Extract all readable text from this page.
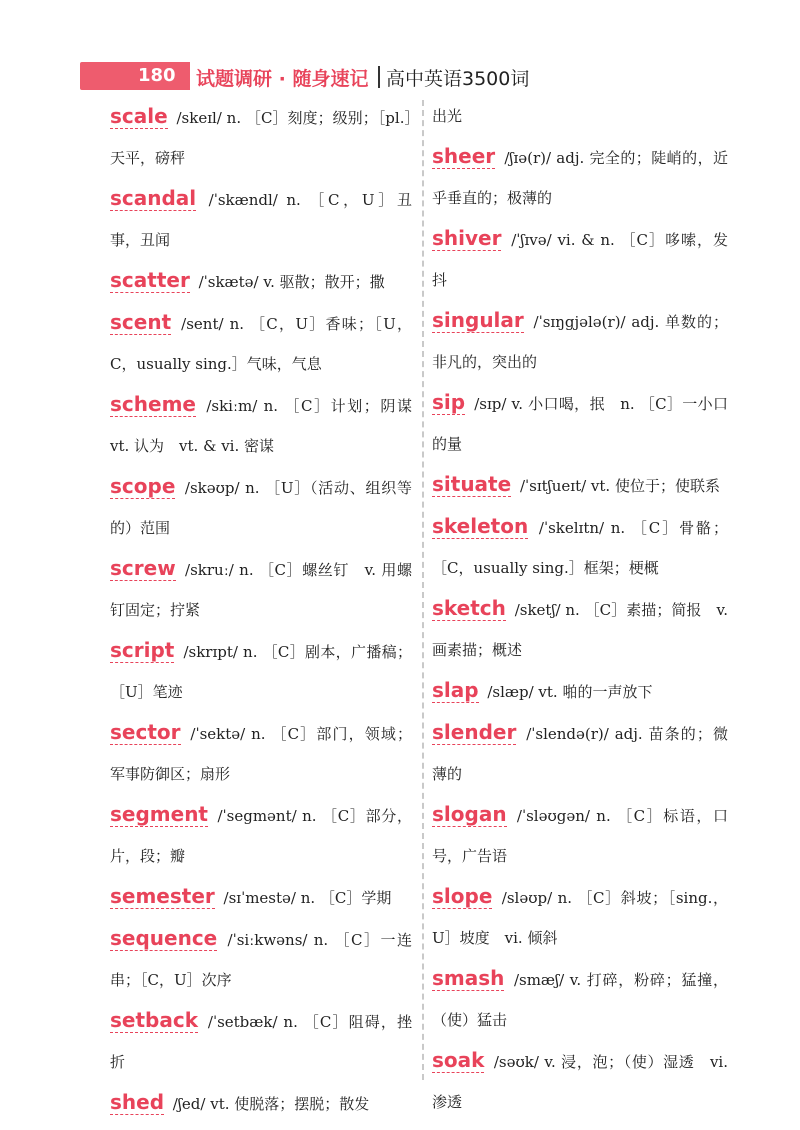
180 试题调研 · 随身速记 高中英语3500词

scale /skeɪl/ n. ［C］刻度；级别；［pl.］天平，磅秤

scandal /ˈskændl/ n. ［C，U］丑事，丑闻

scatter /ˈskætə/ v. 驱散；散开；撒

scent /sent/ n. ［C，U］香味；［U，C，usually sing.］气味，气息

scheme /skiːm/ n. ［C］计划；阴谋　vt. 认为　vt. & vi. 密谋

scope /skəʊp/ n. ［U］（活动、组织等的）范围

screw /skruː/ n. ［C］螺丝钉　v. 用螺钉固定；拧紧

script /skrɪpt/ n. ［C］剧本，广播稿；［U］笔迹

sector /ˈsektə/ n. ［C］部门，领域；军事防御区；扇形

segment /ˈsegmənt/ n. ［C］部分，片，段；瓣

semester /sɪˈmestə/ n. ［C］学期

sequence /ˈsiːkwəns/ n. ［C］一连串；［C，U］次序

setback /ˈsetbæk/ n. ［C］阻碍，挫折

shed /ʃed/ vt. 使脱落；摆脱；散发

出光

sheer /ʃɪə(r)/ adj. 完全的；陡峭的，近乎垂直的；极薄的

shiver /ˈʃɪvə/ vi. & n. ［C］哆嗦，发抖

singular /ˈsɪŋgjələ(r)/ adj. 单数的；非凡的，突出的

sip /sɪp/ v. 小口喝，抿　n. ［C］一小口的量

situate /ˈsɪtʃueɪt/ vt. 使位于；使联系

skeleton /ˈskelɪtn/ n. ［C］骨骼；［C，usually sing.］框架；梗概

sketch /sketʃ/ n. ［C］素描；简报　v. 画素描；概述

slap /slæp/ vt. 啪的一声放下

slender /ˈslendə(r)/ adj. 苗条的；微薄的

slogan /ˈsləʊgən/ n. ［C］标语，口号，广告语

slope /sləʊp/ n. ［C］斜坡；［sing.，U］坡度　vi. 倾斜

smash /smæʃ/ v. 打碎，粉碎；猛撞，（使）猛击

soak /səʊk/ v. 浸，泡；（使）湿透　vi. 渗透
